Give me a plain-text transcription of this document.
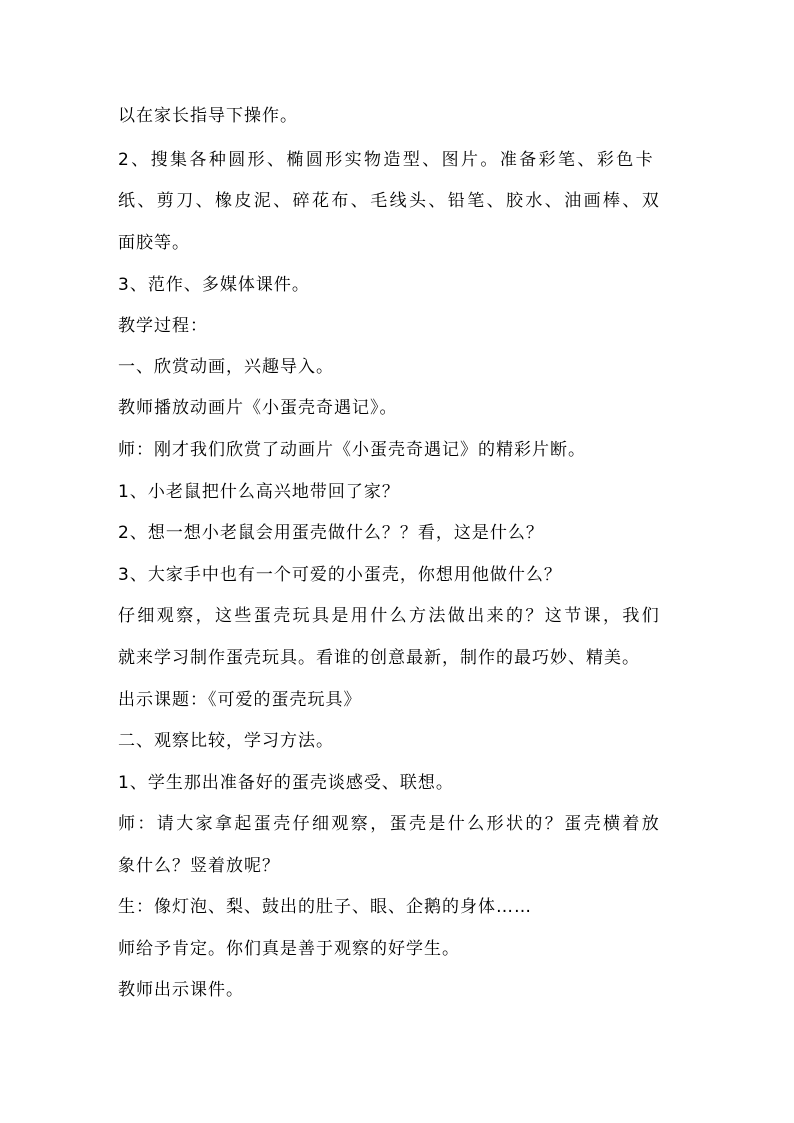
以在家长指导下操作。

2、搜集各种圆形、椭圆形实物造型、图片。准备彩笔、彩色卡

纸、剪刀、橡皮泥、碎花布、毛线头、铅笔、胶水、油画棒、双

面胶等。

3、范作、多媒体课件。

教学过程：

一、欣赏动画，兴趣导入。

教师播放动画片《小蛋壳奇遇记》。

师：刚才我们欣赏了动画片《小蛋壳奇遇记》的精彩片断。

1、小老鼠把什么高兴地带回了家？

2、想一想小老鼠会用蛋壳做什么？？看，这是什么？

3、大家手中也有一个可爱的小蛋壳，你想用他做什么？

仔细观察，这些蛋壳玩具是用什么方法做出来的？这节课，我们

就来学习制作蛋壳玩具。看谁的创意最新，制作的最巧妙、精美。

出示课题：《可爱的蛋壳玩具》

二、观察比较，学习方法。

1、学生那出准备好的蛋壳谈感受、联想。

师：请大家拿起蛋壳仔细观察，蛋壳是什么形状的？蛋壳横着放

象什么？竖着放呢？

生：像灯泡、梨、鼓出的肚子、眼、企鹅的身体……

师给予肯定。你们真是善于观察的好学生。

教师出示课件。
